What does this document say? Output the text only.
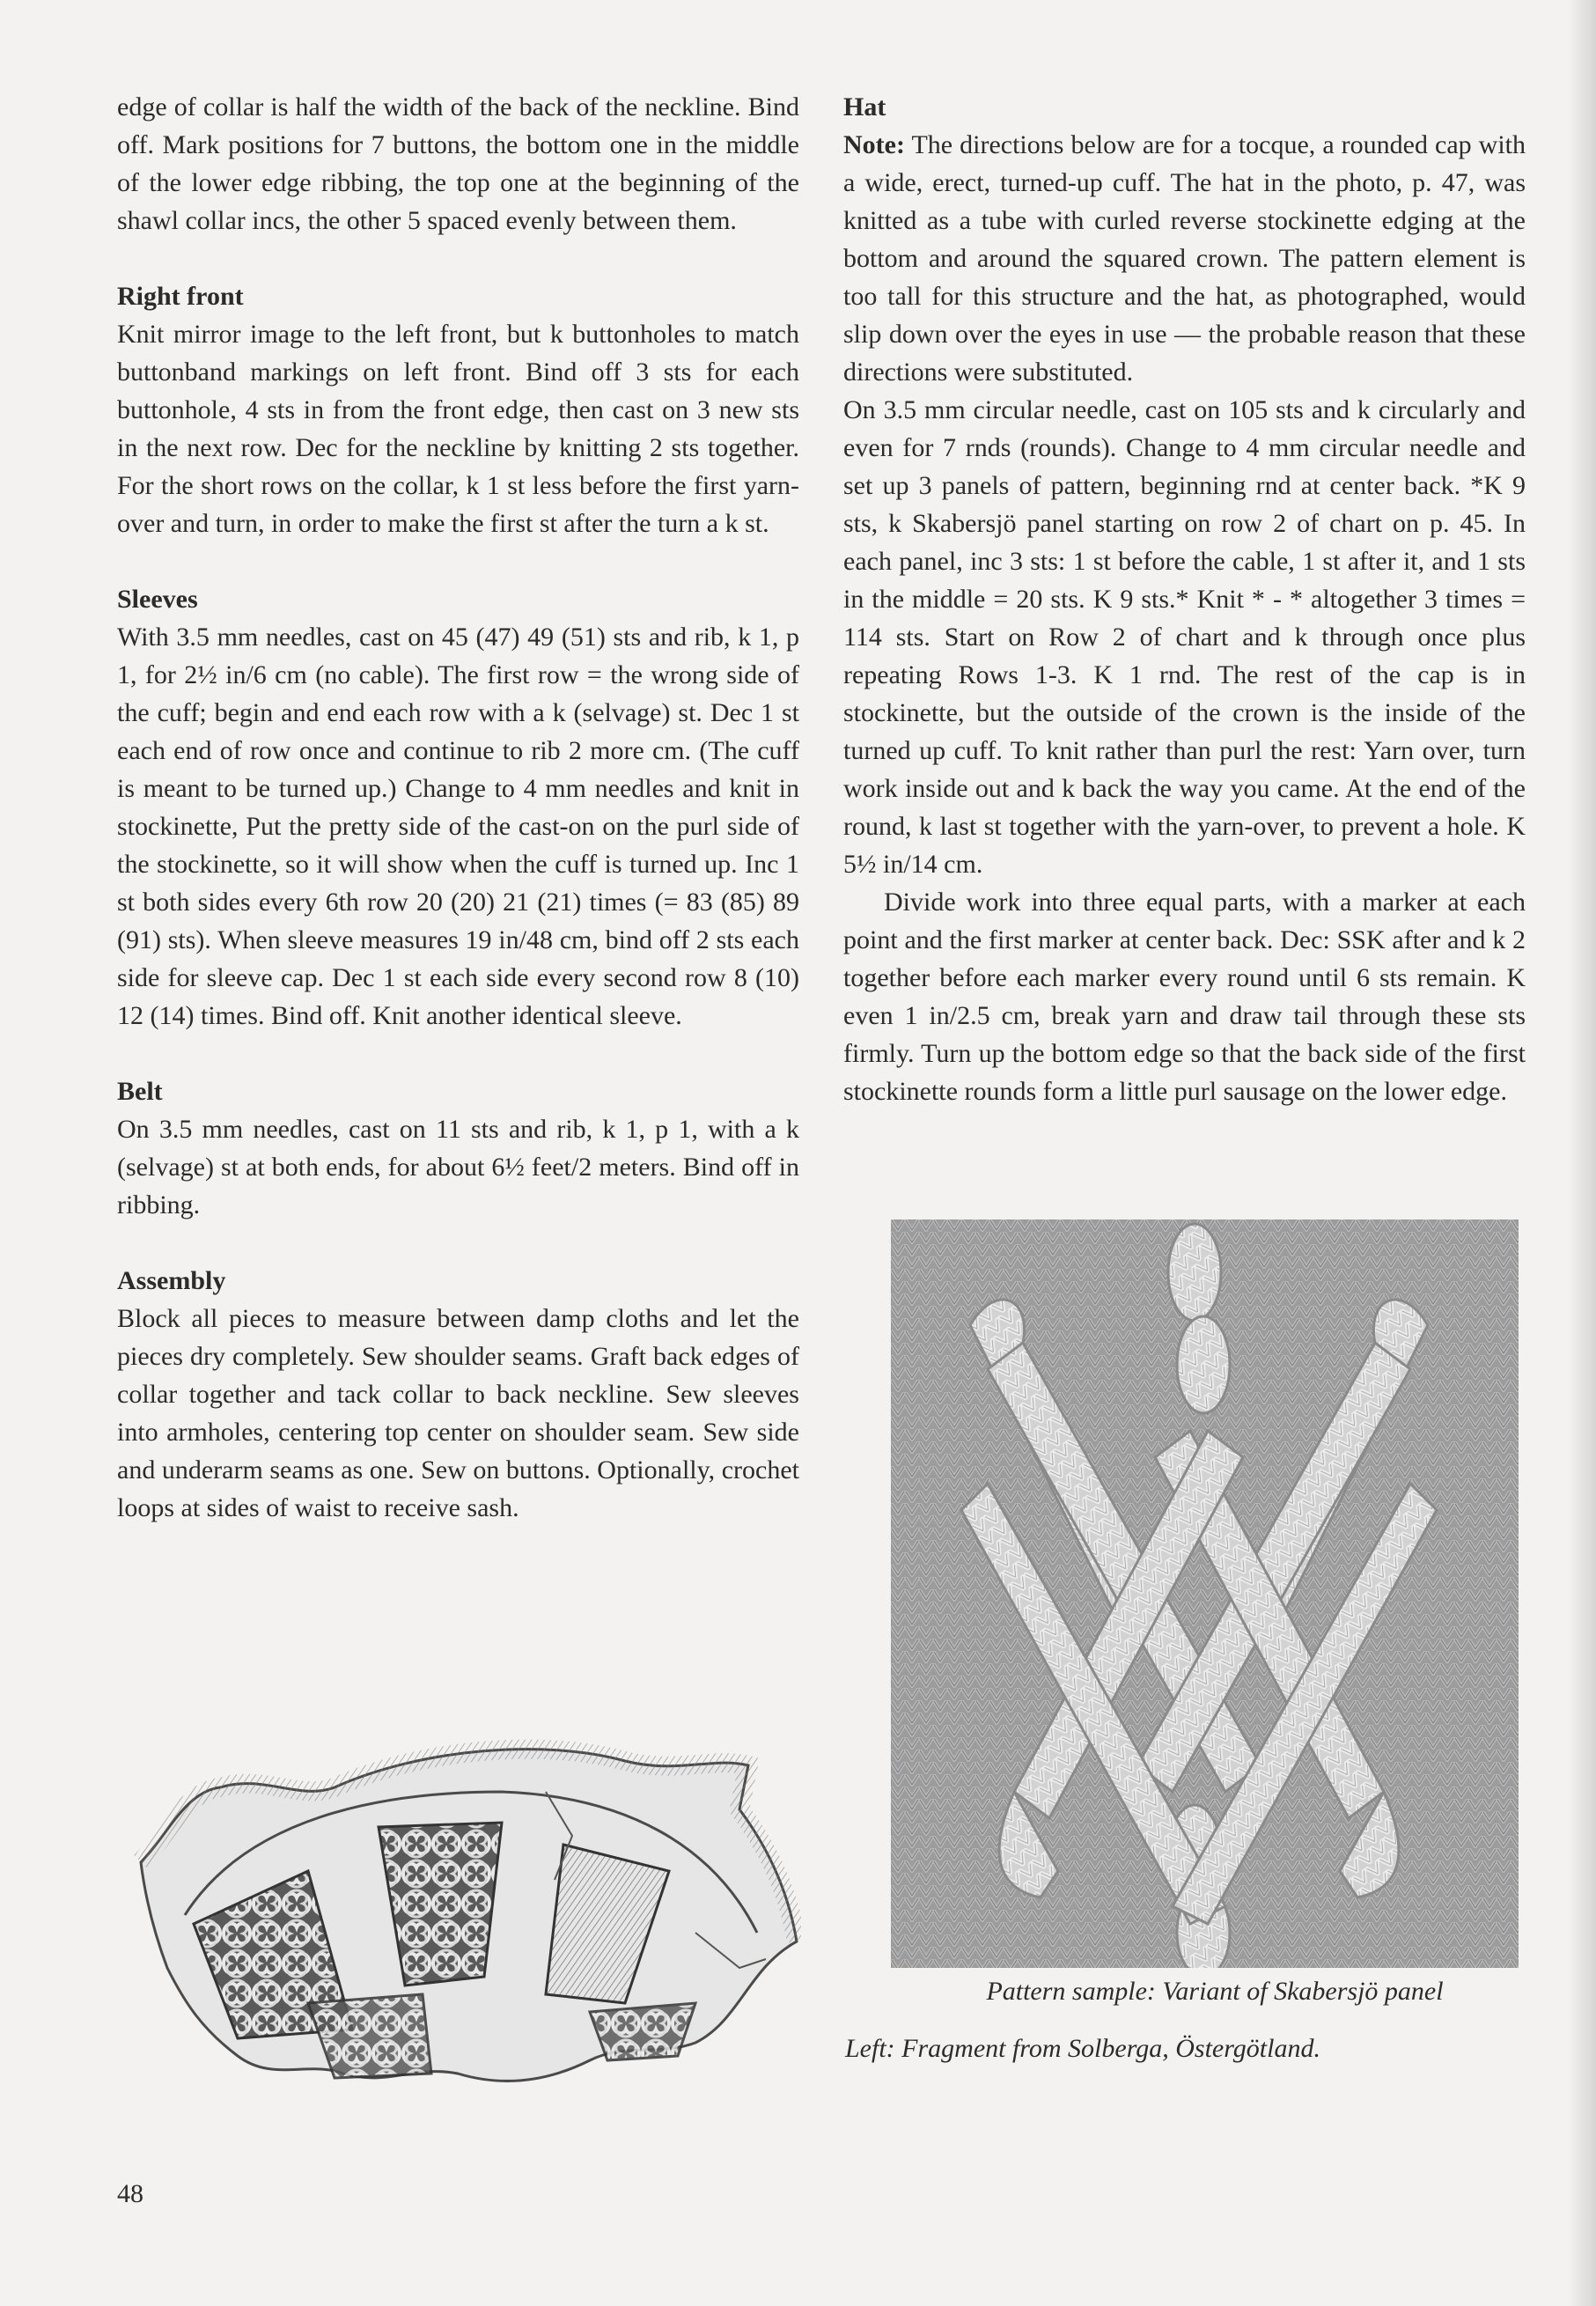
edge of collar is half the width of the back of the neckline. Bind off. Mark positions for 7 buttons, the bottom one in the middle of the lower edge ribbing, the top one at the beginning of the shawl collar incs, the other 5 spaced evenly between them.

Right front

Knit mirror image to the left front, but k buttonholes to match buttonband markings on left front. Bind off 3 sts for each buttonhole, 4 sts in from the front edge, then cast on 3 new sts in the next row. Dec for the neckline by knitting 2 sts together. For the short rows on the collar, k 1 st less before the first yarn-over and turn, in order to make the first st after the turn a k st.

Sleeves

With 3.5 mm needles, cast on 45 (47) 49 (51) sts and rib, k 1, p 1, for 2½ in/6 cm (no cable). The first row = the wrong side of the cuff; begin and end each row with a k (selvage) st. Dec 1 st each end of row once and continue to rib 2 more cm. (The cuff is meant to be turned up.) Change to 4 mm needles and knit in stockinette, Put the pretty side of the cast-on on the purl side of the stockinette, so it will show when the cuff is turned up. Inc 1 st both sides every 6th row 20 (20) 21 (21) times (= 83 (85) 89 (91) sts). When sleeve measures 19 in/48 cm, bind off 2 sts each side for sleeve cap. Dec 1 st each side every second row 8 (10) 12 (14) times. Bind off. Knit another identical sleeve.

Belt

On 3.5 mm needles, cast on 11 sts and rib, k 1, p 1, with a k (selvage) st at both ends, for about 6½ feet/2 meters. Bind off in ribbing.

Assembly

Block all pieces to measure between damp cloths and let the pieces dry completely. Sew shoulder seams. Graft back edges of collar together and tack collar to back neckline. Sew sleeves into armholes, centering top center on shoulder seam. Sew side and underarm seams as one. Sew on buttons. Optionally, crochet loops at sides of waist to receive sash.

Hat

Note: The directions below are for a tocque, a rounded cap with a wide, erect, turned-up cuff. The hat in the photo, p. 47, was knitted as a tube with curled reverse stockinette edging at the bottom and around the squared crown. The pattern element is too tall for this structure and the hat, as photographed, would slip down over the eyes in use — the probable reason that these directions were substituted.

On 3.5 mm circular needle, cast on 105 sts and k circularly and even for 7 rnds (rounds). Change to 4 mm circular needle and set up 3 panels of pattern, beginning rnd at center back. *K 9 sts, k Skabersjö panel starting on row 2 of chart on p. 45. In each panel, inc 3 sts: 1 st before the cable, 1 st after it, and 1 sts in the middle = 20 sts. K 9 sts.* Knit * - * altogether 3 times = 114 sts. Start on Row 2 of chart and k through once plus repeating Rows 1-3. K 1 rnd. The rest of the cap is in stockinette, but the outside of the crown is the inside of the turned up cuff. To knit rather than purl the rest: Yarn over, turn work inside out and k back the way you came. At the end of the round, k last st together with the yarn-over, to prevent a hole. K 5½ in/14 cm.

Divide work into three equal parts, with a marker at each point and the first marker at center back. Dec: SSK after and k 2 together before each marker every round until 6 sts remain. K even 1 in/2.5 cm, break yarn and draw tail through these sts firmly. Turn up the bottom edge so that the back side of the first stockinette rounds form a little purl sausage on the lower edge.

Pattern sample: Variant of Skabersjö panel

Left: Fragment from Solberga, Östergötland.

48
